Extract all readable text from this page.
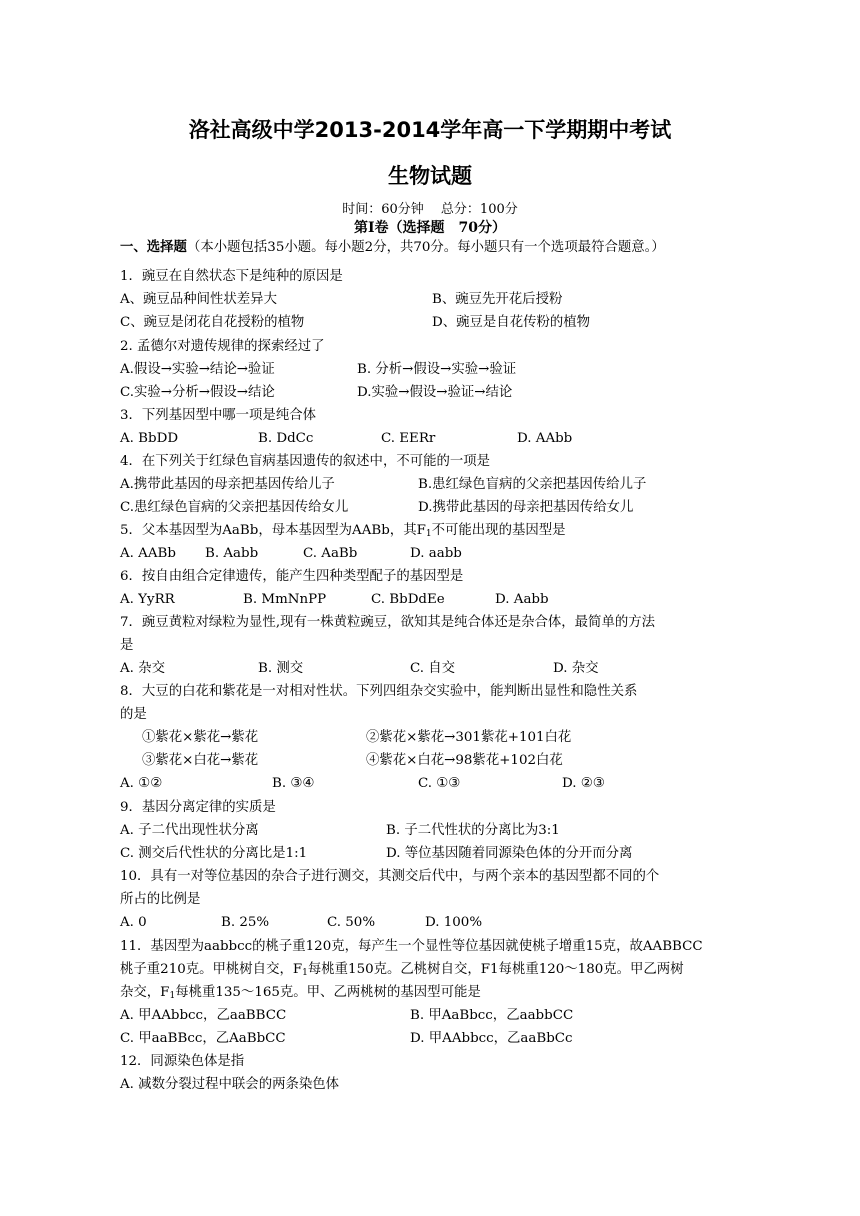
洛社高级中学2013-2014学年高一下学期期中考试
生物试题
时间：60分钟　 总分：100分
第Ⅰ卷（选择题　70分）
一、选择题（本小题包括35小题。每小题2分，共70分。每小题只有一个选项最符合题意。）
1．豌豆在自然状态下是纯种的原因是
A、豌豆品种间性状差异大	B、豌豆先开花后授粉
C、豌豆是闭花自花授粉的植物	D、豌豆是自花传粉的植物
2. 孟德尔对遗传规律的探索经过了
A.假设→实验→结论→验证	B. 分析→假设→实验→验证
C.实验→分析→假设→结论	D.实验→假设→验证→结论
3．下列基因型中哪一项是纯合体
A. BbDD	B. DdCc	C. EERr	D. AAbb
4．在下列关于红绿色盲病基因遗传的叙述中，不可能的一项是
A.携带此基因的母亲把基因传给儿子	B.患红绿色盲病的父亲把基因传给儿子
C.患红绿色盲病的父亲把基因传给女儿	D.携带此基因的母亲把基因传给女儿
5．父本基因型为AaBb，母本基因型为AABb，其$F_1$不可能出现的基因型是
A. AABb B. Aabb	C. AaBb	D. aabb
6．按自由组合定律遗传，能产生四种类型配子的基因型是
A. YyRR	B. MmNnPP	C. BbDdEe	D. Aabb
7．豌豆黄粒对绿粒为显性,现有一株黄粒豌豆，欲知其是纯合体还是杂合体，最简单的方法
是
A. 杂交	B. 测交	C. 自交	D. 杂交
8．大豆的白花和紫花是一对相对性状。下列四组杂交实验中，能判断出显性和隐性关系
的是
①紫花×紫花→紫花	②紫花×紫花→301紫花+101白花
③紫花×白花→紫花	④紫花×白花→98紫花+102白花
A. ①②	B. ③④	C. ①③	D. ②③
9．基因分离定律的实质是
A. 子二代出现性状分离	B. 子二代性状的分离比为3:1
C. 测交后代性状的分离比是1:1	D. 等位基因随着同源染色体的分开而分离
10．具有一对等位基因的杂合子进行测交，其测交后代中，与两个亲本的基因型都不同的个
所占的比例是
A. 0	B. 25%	C. 50%	D. 100%
11．基因型为aabbcc的桃子重120克，每产生一个显性等位基因就使桃子增重15克，故AABBCC
桃子重210克。甲桃树自交，$F_1$每桃重150克。乙桃树自交，F1每桃重120～180克。甲乙两树
杂交，$F_1$每桃重135～165克。甲、乙两桃树的基因型可能是
A. 甲AAbbcc，乙aaBBCC	B. 甲AaBbcc，乙aabbCC
C. 甲aaBBcc，乙AaBbCC	D. 甲AAbbcc，乙aaBbCc
12．同源染色体是指
A. 减数分裂过程中联会的两条染色体
